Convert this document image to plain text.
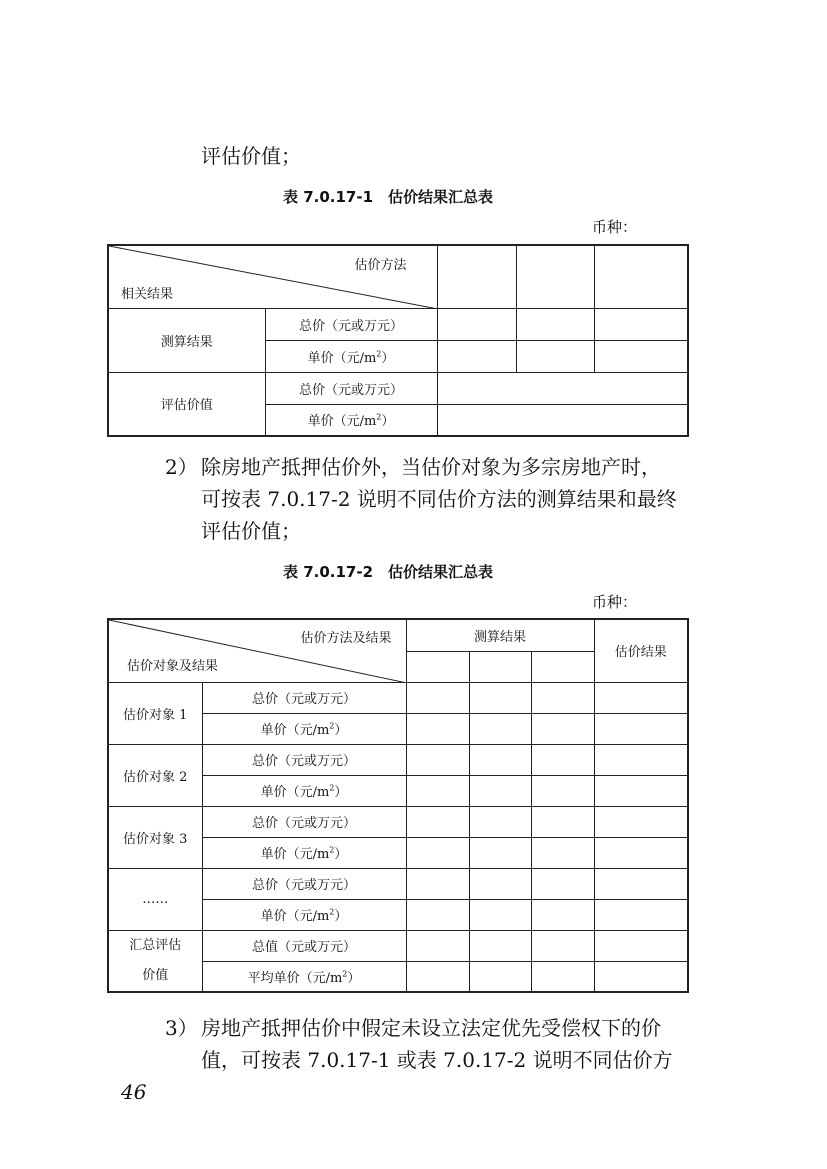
评估价值；
表 7.0.17-1　估价结果汇总表
币种：
估价方法
相关结果				

测算结果	总价（元或万元）			
	单价（元$/m^2$）			
评估价值	总价（元或万元）			
	单价（元$/m^2$）			
2） 除房地产抵押估价外，当估价对象为多宗房地产时，
可按表 7.0.17-2 说明不同估价方法的测算结果和最终
评估价值；
表 7.0.17-2　估价结果汇总表
币种：
估价方法及结果
估价对象及结果		测算结果			估价结果

估价对象 1	总价（元或万元）				
	单价（元$/m^2$）				
估价对象 2	总价（元或万元）				
	单价（元$/m^2$）				
估价对象 3	总价（元或万元）				
	单价（元$/m^2$）				
……	总价（元或万元）				
	单价（元$/m^2$）				
汇总评估价值	总值（元或万元）				
	平均单价（元$/m^2$）				
3） 房地产抵押估价中假定未设立法定优先受偿权下的价
值，可按表 7.0.17-1 或表 7.0.17-2 说明不同估价方
46
